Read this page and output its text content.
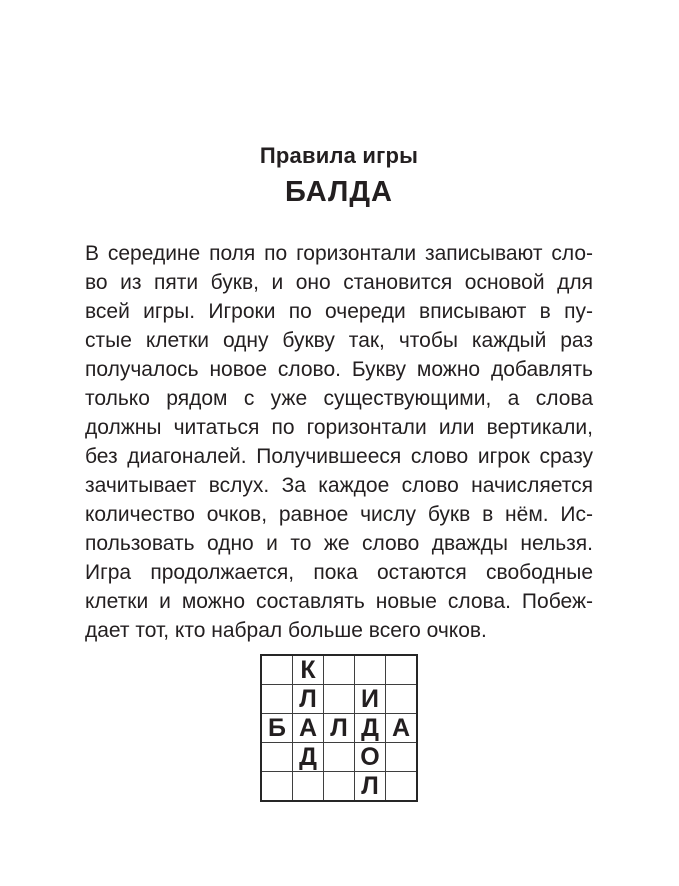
Правила игры
БАЛДА
В середине поля по горизонтали записывают сло-
во из пяти букв, и оно становится основой для
всей игры. Игроки по очереди вписывают в пу-
стые клетки одну букву так, чтобы каждый раз
получалось новое слово. Букву можно добавлять
только рядом с уже существующими, а слова
должны читаться по горизонтали или вертикали,
без диагоналей. Получившееся слово игрок сразу
зачитывает вслух. За каждое слово начисляется
количество очков, равное числу букв в нём. Ис-
пользовать одно и то же слово дважды нельзя.
Игра продолжается, пока остаются свободные
клетки и можно составлять новые слова. Побеж-
дает тот, кто набрал больше всего очков.
	К			
	Л		И	
Б	А	Л	Д	А
	Д		О	
			Л	
